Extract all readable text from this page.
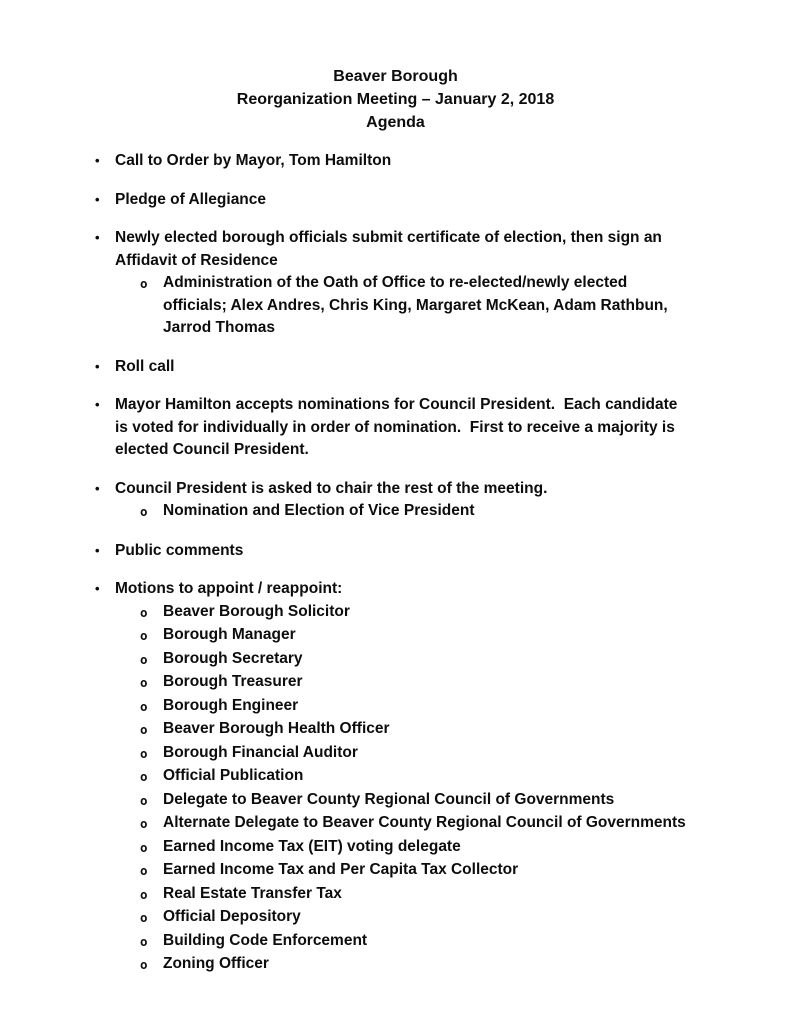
Beaver Borough
Reorganization Meeting – January 2, 2018
Agenda
• Call to Order by Mayor, Tom Hamilton
• Pledge of Allegiance
• Newly elected borough officials submit certificate of election, then sign an Affidavit of Residence
o Administration of the Oath of Office to re-elected/newly elected officials; Alex Andres, Chris King, Margaret McKean, Adam Rathbun, Jarrod Thomas
• Roll call
• Mayor Hamilton accepts nominations for Council President.  Each candidate is voted for individually in order of nomination.  First to receive a majority is elected Council President.
• Council President is asked to chair the rest of the meeting.
o Nomination and Election of Vice President
• Public comments
• Motions to appoint / reappoint:
o Beaver Borough Solicitor
o Borough Manager
o Borough Secretary
o Borough Treasurer
o Borough Engineer
o Beaver Borough Health Officer
o Borough Financial Auditor
o Official Publication
o Delegate to Beaver County Regional Council of Governments
o Alternate Delegate to Beaver County Regional Council of Governments
o Earned Income Tax (EIT) voting delegate
o Earned Income Tax and Per Capita Tax Collector
o Real Estate Transfer Tax
o Official Depository
o Building Code Enforcement
o Zoning Officer
